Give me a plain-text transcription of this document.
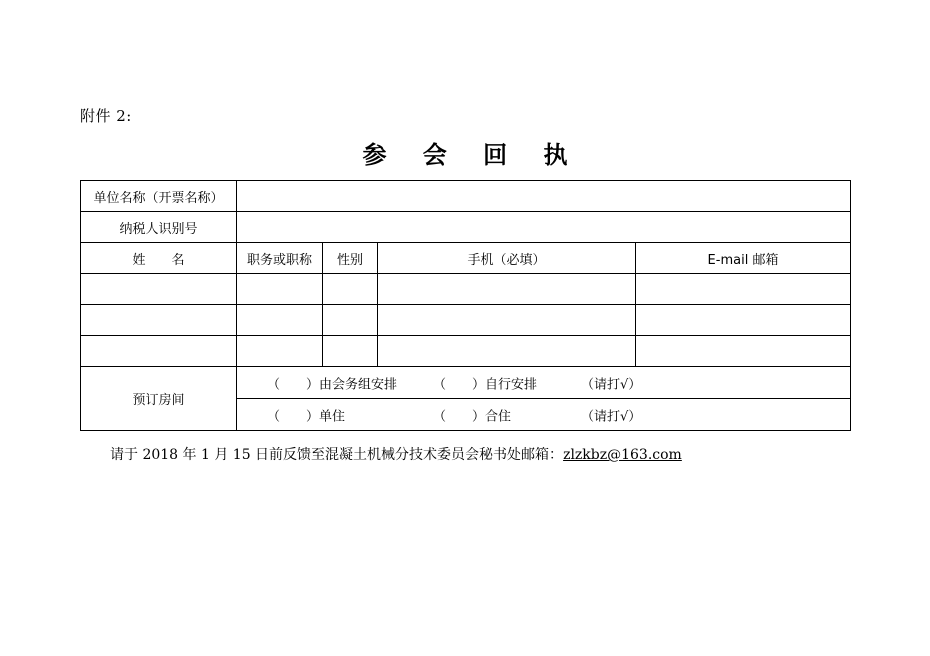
附件 2:
参 会 回 执
单位名称（开票名称）				
纳税人识别号				
姓　　名	职务或职称	性别	手机（必填）	E-mail 邮箱

预订房间	（　　）由会务组安排 （　　）自行安排 （请打√）			

	（　　）单住 （　　）合住 （请打√）			
请于 2018 年 1 月 15 日前反馈至混凝土机械分技术委员会秘书处邮箱：zlzkbz@163.com
